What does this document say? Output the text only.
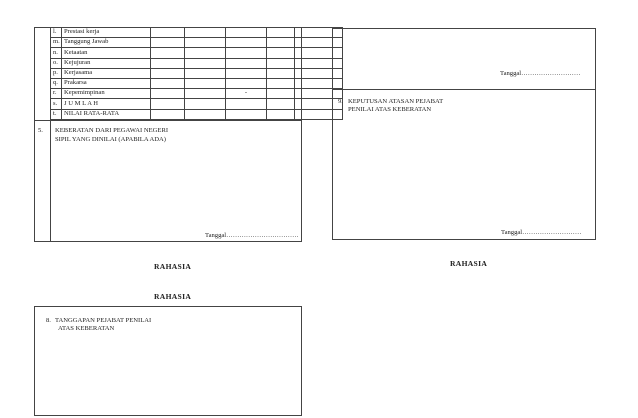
l.	Prestasi kerja					
m.	Tanggung Jawab					
n.	Ketaatan					
o.	Kejujuran					
p.	Kerjasama					
q.	Prakarsa					
r.	Kepemimpinan			-		
s.	J U M L A H					
t.	NILAI RATA-RATA					
5. KEBERATAN DARI PEGAWAI NEGERI
SIPIL YANG DINILAI (APABILA ADA)
Tanggal……………………………
RAHASIA
RAHASIA
8. TANGGAPAN PEJABAT PENILAI
ATAS KEBERATAN
Tanggal………………………
9. KEPUTUSAN ATASAN PEJABAT
PENILAI ATAS KEBERATAN
Tanggal………………………
RAHASIA
